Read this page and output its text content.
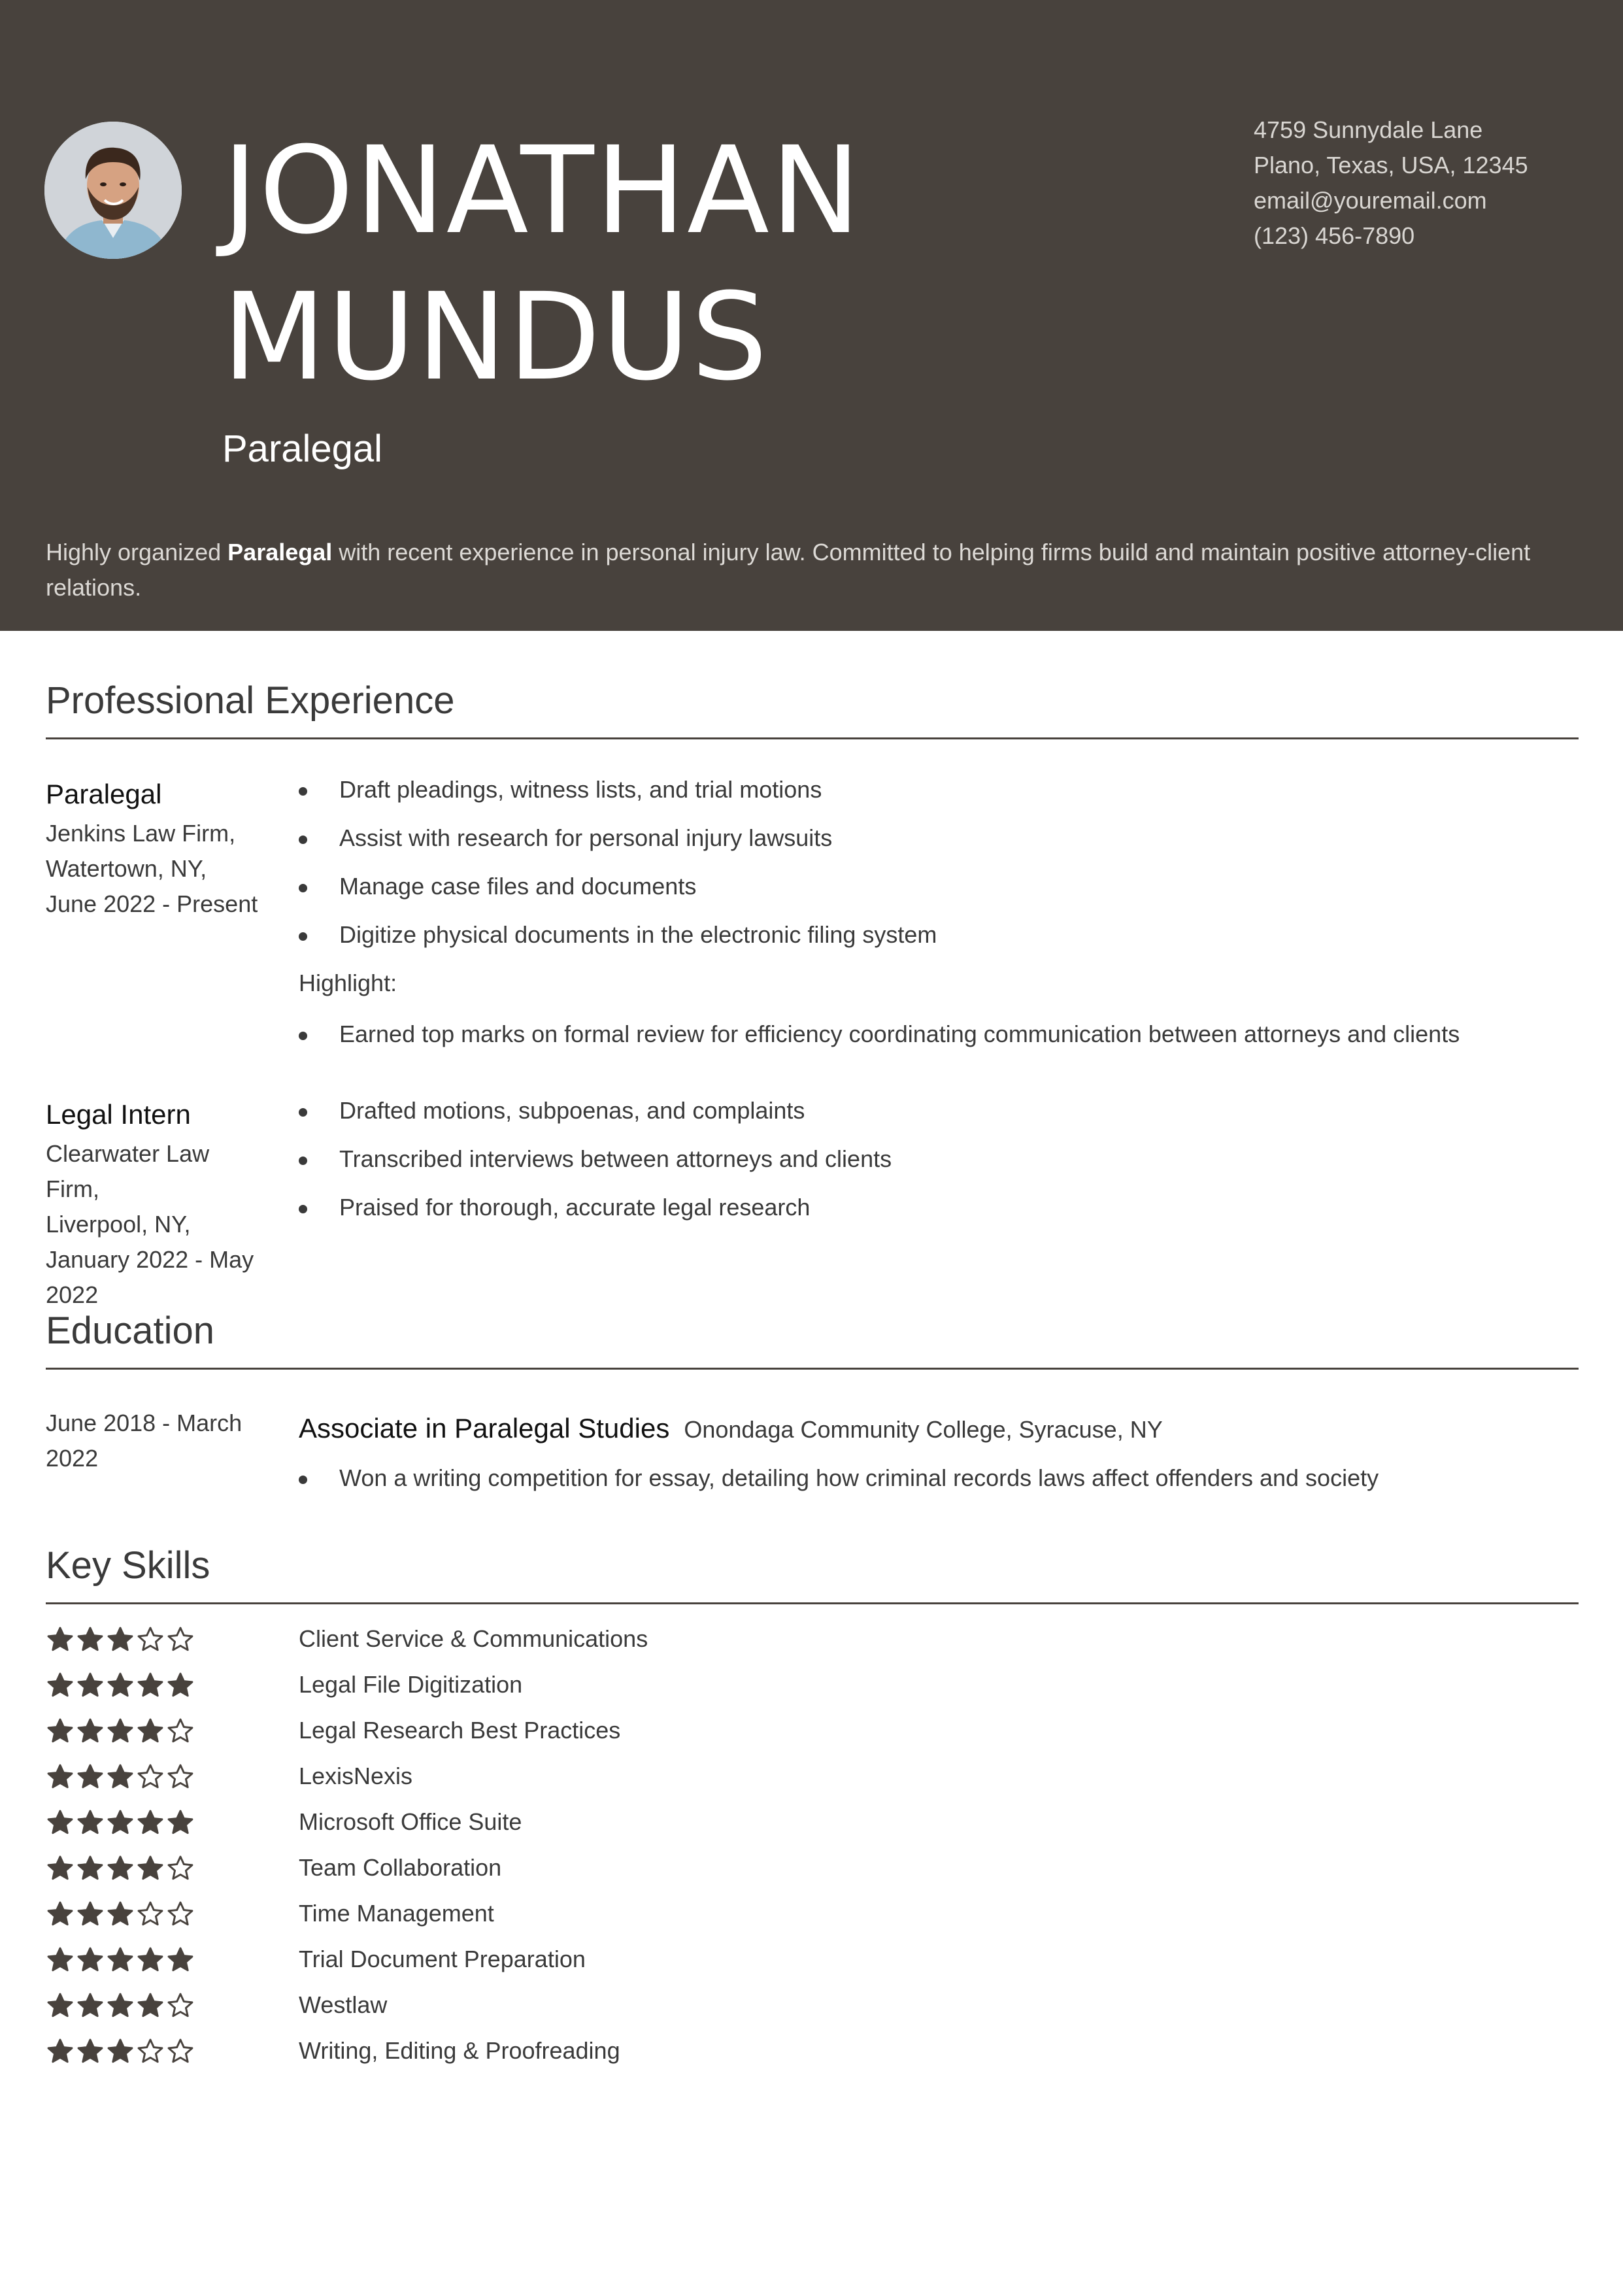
JONATHAN
MUNDUS
Paralegal
4759 Sunnydale Lane
Plano, Texas, USA, 12345
email@youremail.com
(123) 456-7890
Highly organized Paralegal with recent experience in personal injury law. Committed to helping firms build and maintain positive attorney-client relations.
Professional Experience
Paralegal
Jenkins Law Firm,
Watertown, NY,
June 2022 - Present
Draft pleadings, witness lists, and trial motions
Assist with research for personal injury lawsuits
Manage case files and documents
Digitize physical documents in the electronic filing system
Highlight:
Earned top marks on formal review for efficiency coordinating communication between attorneys and clients
Legal Intern
Clearwater Law Firm,
Liverpool, NY,
January 2022 - May 2022
Drafted motions, subpoenas, and complaints
Transcribed interviews between attorneys and clients
Praised for thorough, accurate legal research
Education
June 2018 - March 2022
Associate in Paralegal Studies Onondaga Community College, Syracuse, NY
Won a writing competition for essay, detailing how criminal records laws affect offenders and society
Key Skills
Client Service & Communications
Legal File Digitization
Legal Research Best Practices
LexisNexis
Microsoft Office Suite
Team Collaboration
Time Management
Trial Document Preparation
Westlaw
Writing, Editing & Proofreading
